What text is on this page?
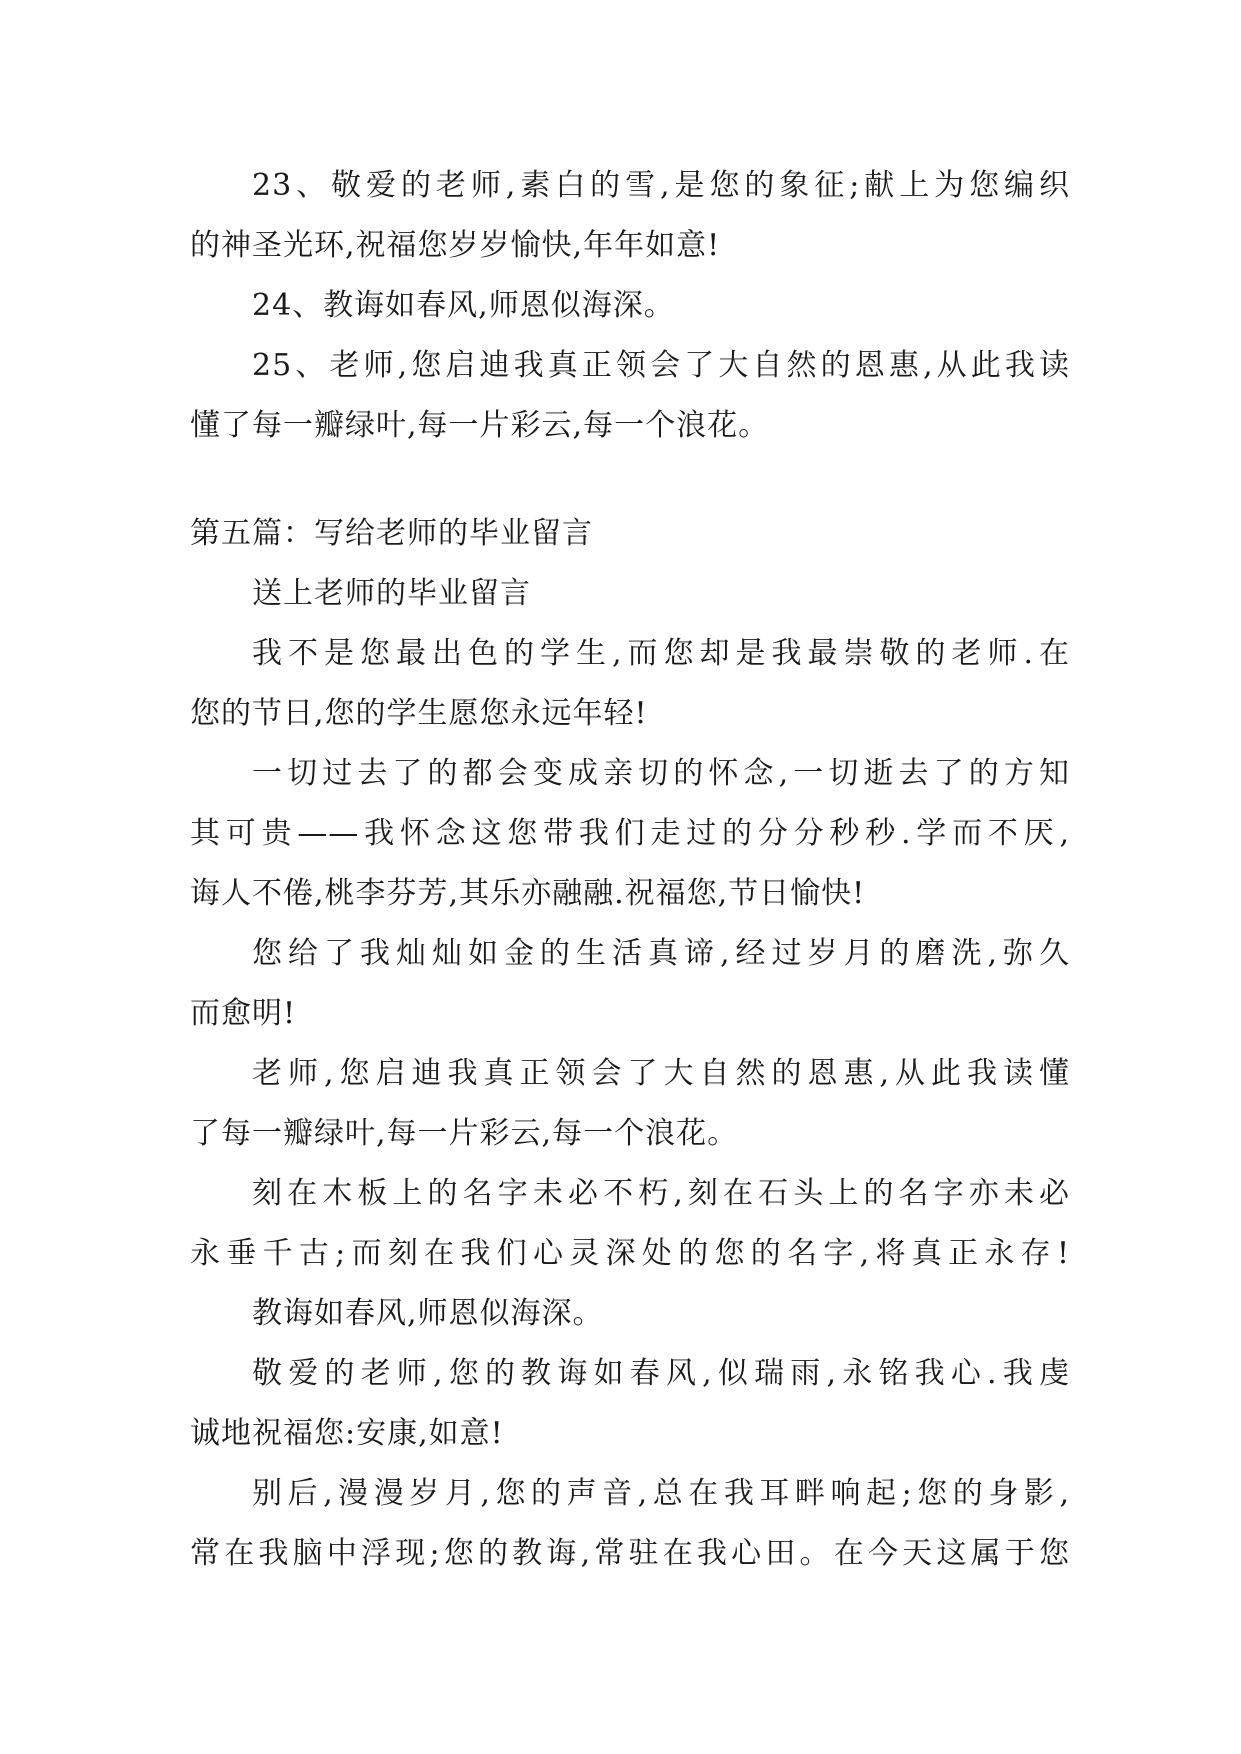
23、敬爱的老师,素白的雪,是您的象征;献上为您编织
的神圣光环,祝福您岁岁愉快,年年如意!
24、教诲如春风,师恩似海深。
25、老师,您启迪我真正领会了大自然的恩惠,从此我读
懂了每一瓣绿叶,每一片彩云,每一个浪花。
第五篇：写给老师的毕业留言
送上老师的毕业留言
我不是您最出色的学生,而您却是我最崇敬的老师.在
您的节日,您的学生愿您永远年轻!
一切过去了的都会变成亲切的怀念,一切逝去了的方知
其可贵——我怀念这您带我们走过的分分秒秒.学而不厌,
诲人不倦,桃李芬芳,其乐亦融融.祝福您,节日愉快!
您给了我灿灿如金的生活真谛,经过岁月的磨洗,弥久
而愈明!
老师,您启迪我真正领会了大自然的恩惠,从此我读懂
了每一瓣绿叶,每一片彩云,每一个浪花。
刻在木板上的名字未必不朽,刻在石头上的名字亦未必
永垂千古;而刻在我们心灵深处的您的名字,将真正永存!
教诲如春风,师恩似海深。
敬爱的老师,您的教诲如春风,似瑞雨,永铭我心.我虔
诚地祝福您:安康,如意!
别后,漫漫岁月,您的声音,总在我耳畔响起;您的身影,
常在我脑中浮现;您的教诲,常驻在我心田。在今天这属于您
